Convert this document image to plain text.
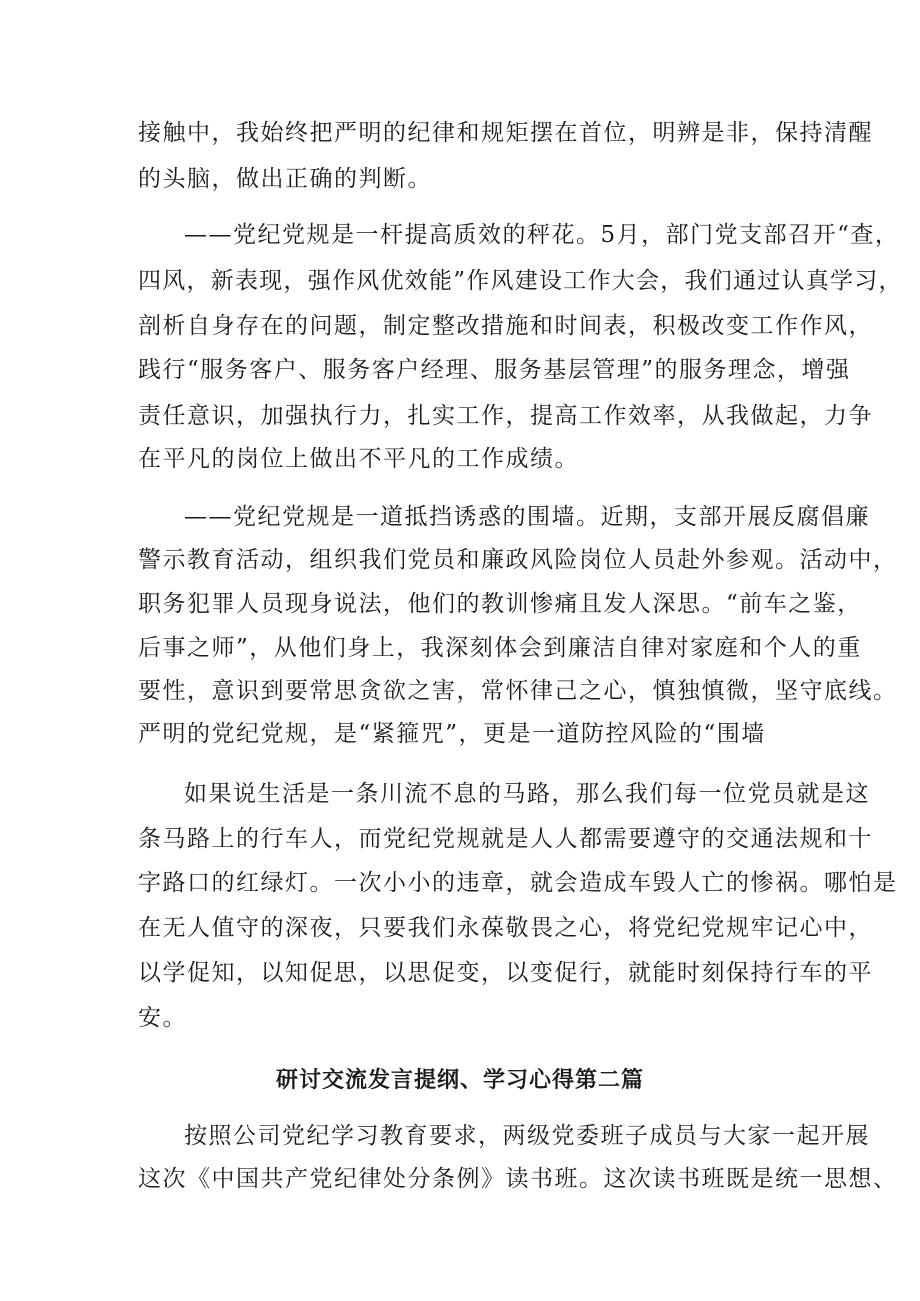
接触中，我始终把严明的纪律和规矩摆在首位，明辨是非，保持清醒
的头脑，做出正确的判断。
——党纪党规是一杆提高质效的秤花。5月，部门党支部召开“查，
四风，新表现，强作风优效能”作风建设工作大会，我们通过认真学习，
剖析自身存在的问题，制定整改措施和时间表，积极改变工作作风，
践行“服务客户、服务客户经理、服务基层管理”的服务理念，增强
责任意识，加强执行力，扎实工作，提高工作效率，从我做起，力争
在平凡的岗位上做出不平凡的工作成绩。
——党纪党规是一道抵挡诱惑的围墙。近期，支部开展反腐倡廉
警示教育活动，组织我们党员和廉政风险岗位人员赴外参观。活动中，
职务犯罪人员现身说法，他们的教训惨痛且发人深思。“前车之鉴，
后事之师”，从他们身上，我深刻体会到廉洁自律对家庭和个人的重
要性，意识到要常思贪欲之害，常怀律己之心，慎独慎微，坚守底线。
严明的党纪党规，是“紧箍咒”，更是一道防控风险的“围墙
如果说生活是一条川流不息的马路，那么我们每一位党员就是这
条马路上的行车人，而党纪党规就是人人都需要遵守的交通法规和十
字路口的红绿灯。一次小小的违章，就会造成车毁人亡的惨祸。哪怕是
在无人值守的深夜，只要我们永葆敬畏之心，将党纪党规牢记心中，
以学促知，以知促思，以思促变，以变促行，就能时刻保持行车的平
安。
研讨交流发言提纲、学习心得第二篇
按照公司党纪学习教育要求，两级党委班子成员与大家一起开展
这次《中国共产党纪律处分条例》读书班。这次读书班既是统一思想、
